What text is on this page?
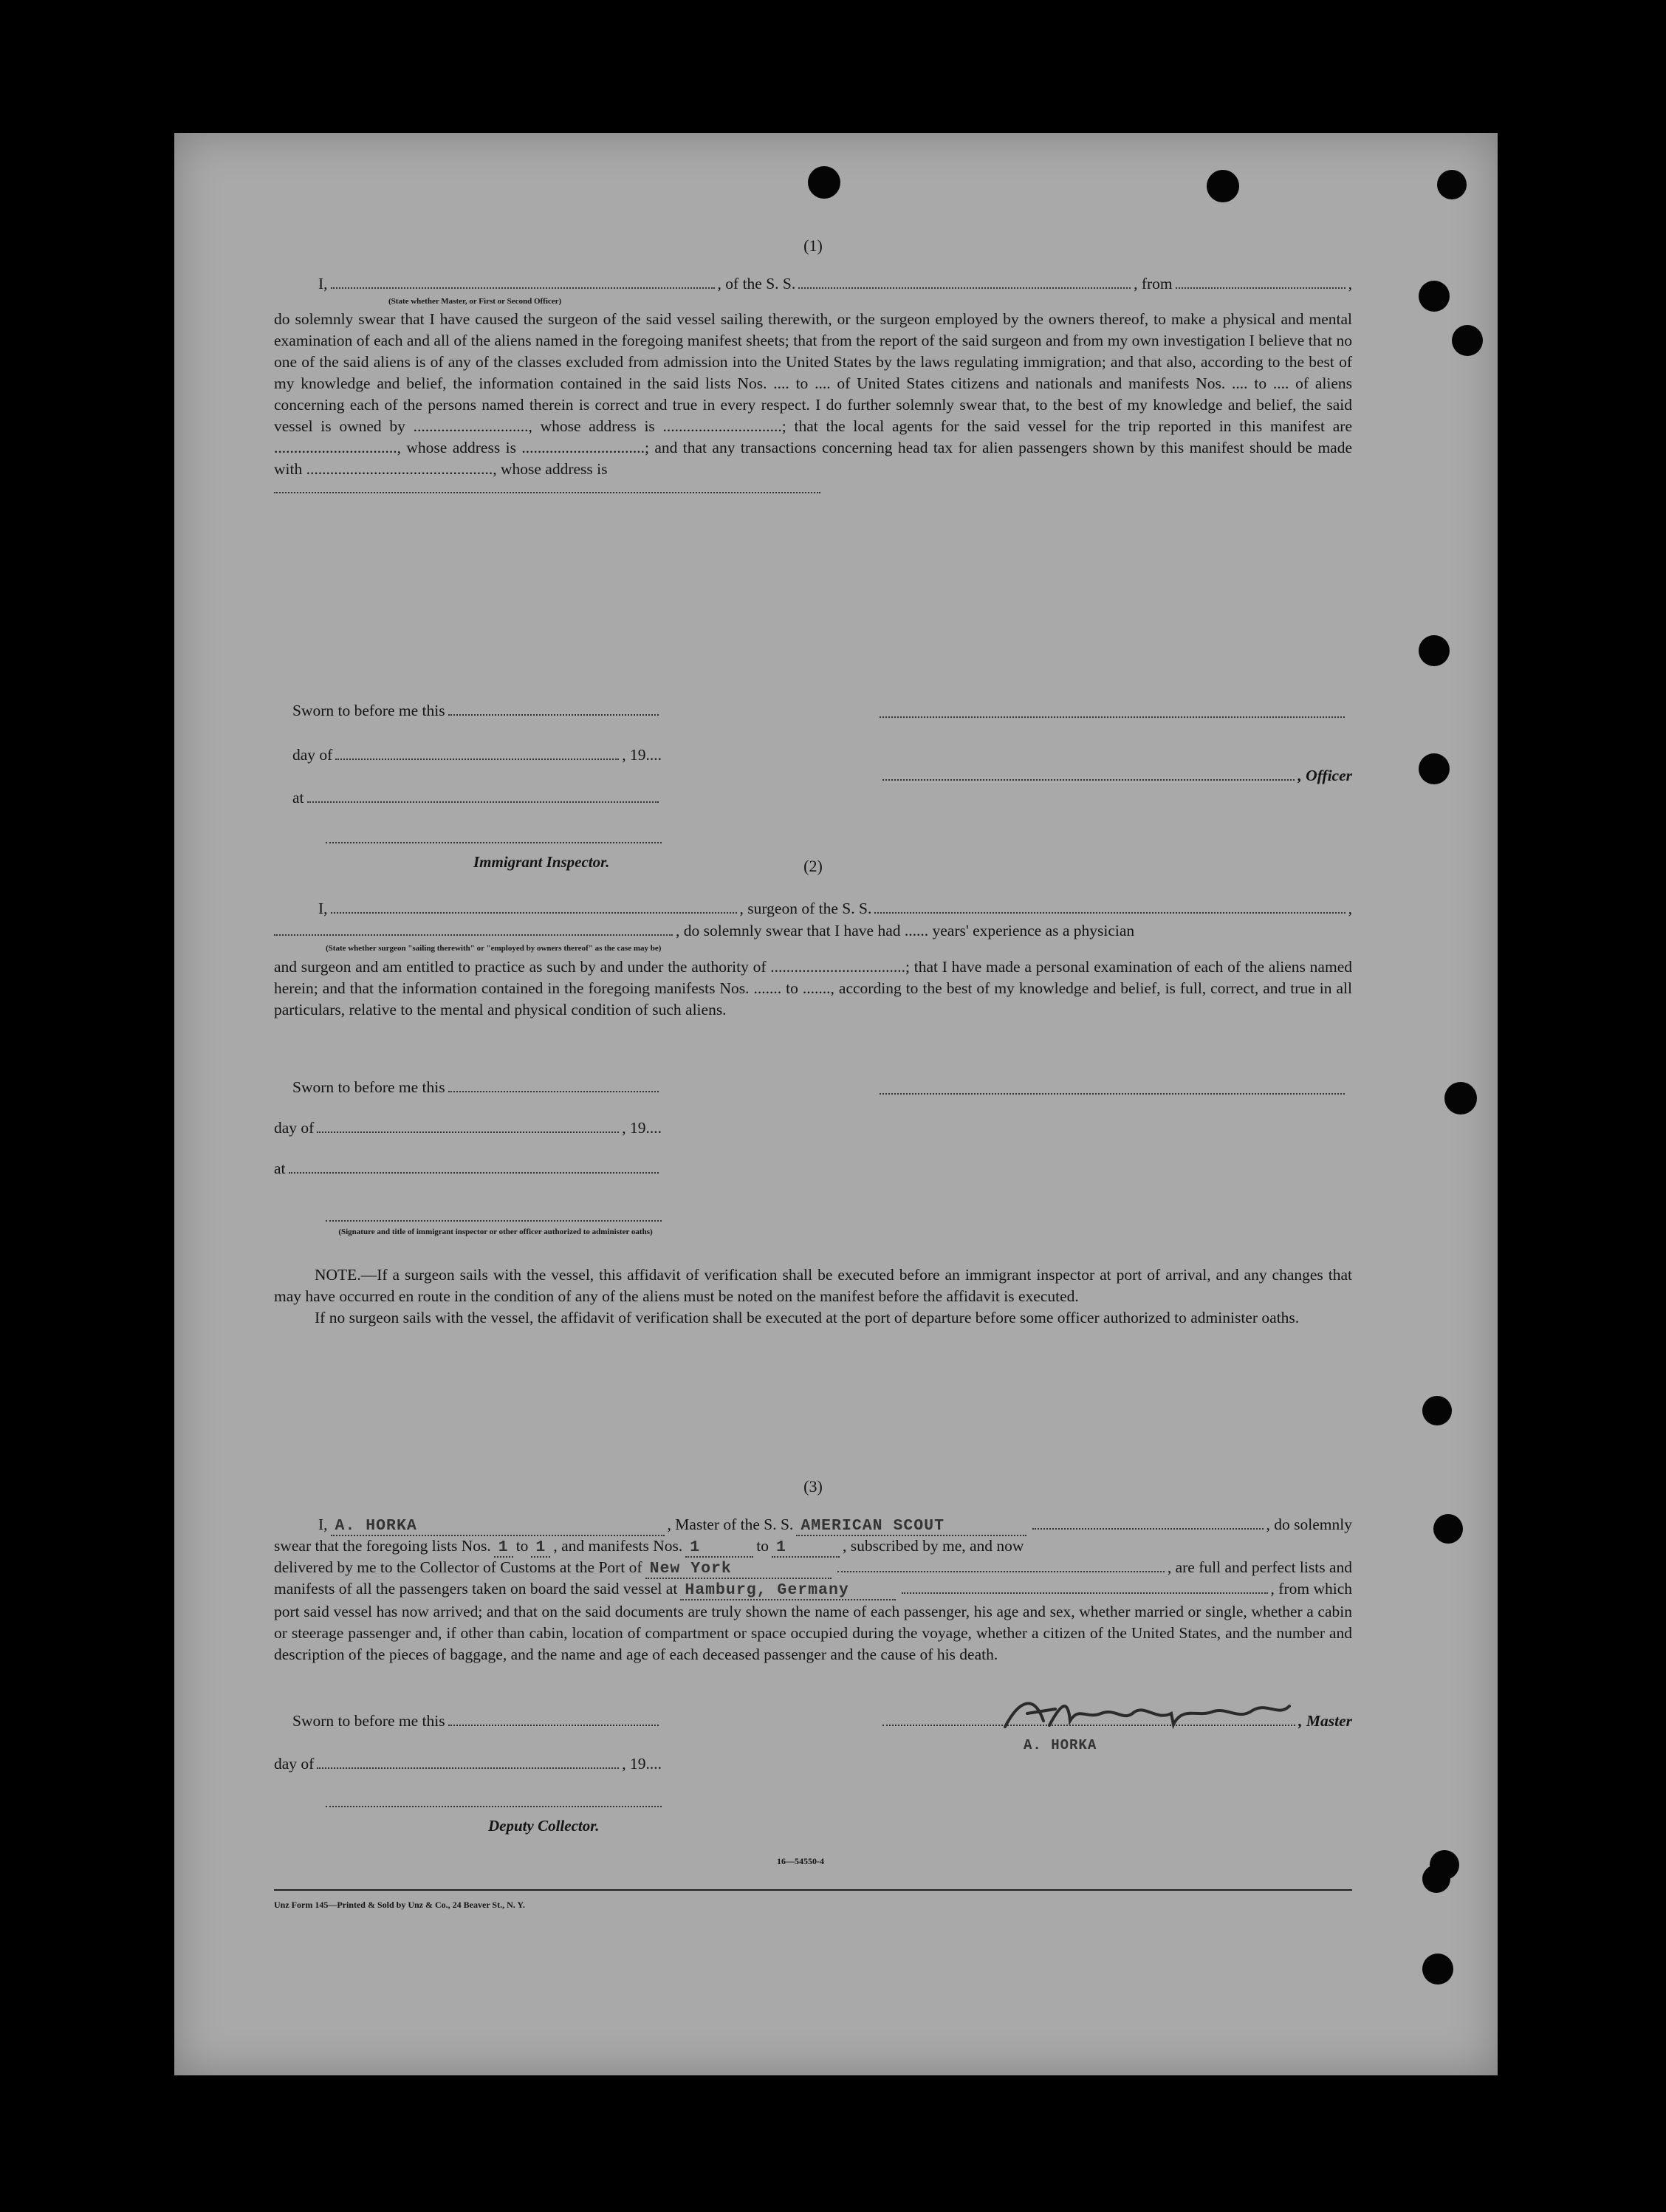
(1)
I,	, of the S. S.	, from	,
(State whether Master, or First or Second Officer)

do solemnly swear that I have caused the surgeon of the said vessel sailing therewith, or the surgeon employed by the owners thereof, to make a physical and mental examination of each and all of the aliens named in the foregoing manifest sheets; that from the report of the said surgeon and from my own investigation I believe that no one of the said aliens is of any of the classes excluded from admission into the United States by the laws regulating immigration; and that also, according to the best of my knowledge and belief, the information contained in the said lists Nos. .... to .... of United States citizens and nationals and manifests Nos. .... to .... of aliens concerning each of the persons named therein is correct and true in every respect. I do further solemnly swear that, to the best of my knowledge and belief, the said vessel is owned by ............................., whose address is ..............................; that the local agents for the said vessel for the trip reported in this manifest are ..............................., whose address is ...............................; and that any transactions concerning head tax for alien passengers shown by this manifest should be made with ..............................................., whose address is

Sworn to before me this
day of	, 19....
, Officer
at
Immigrant Inspector.	(2)
I,	, surgeon of the S. S.	,
, do solemnly swear that I have had ...... years' experience as a physician
(State whether surgeon "sailing therewith" or "employed by owners thereof" as the case may be)

and surgeon and am entitled to practice as such by and under the authority of ..................................; that I have made a personal examination of each of the aliens named herein; and that the information contained in the foregoing manifests Nos. ....... to ......., according to the best of my knowledge and belief, is full, correct, and true in all particulars, relative to the mental and physical condition of such aliens.

Sworn to before me this
day of	, 19....
at
(Signature and title of immigrant inspector or other officer authorized to administer oaths)

NOTE.—If a surgeon sails with the vessel, this affidavit of verification shall be executed before an immigrant inspector at port of arrival, and any changes that may have occurred en route in the condition of any of the aliens must be noted on the manifest before the affidavit is executed.

If no surgeon sails with the vessel, the affidavit of verification shall be executed at the port of departure before some officer authorized to administer oaths.

(3)
I, A. HORKA	, Master of the S. S. AMERICAN SCOUT	, do solemnly
swear that the foregoing lists Nos. 1 to 1 , and manifests Nos. 1	to 1	, subscribed by me, and now
delivered by me to the Collector of Customs at the Port of New York	, are full and perfect lists and
manifests of all the passengers taken on board the said vessel at Hamburg, Germany	, from which

port said vessel has now arrived; and that on the said documents are truly shown the name of each passenger, his age and sex, whether married or single, whether a cabin or steerage passenger and, if other than cabin, location of compartment or space occupied during the voyage, whether a citizen of the United States, and the number and description of the pieces of baggage, and the name and age of each deceased passenger and the cause of his death.

Sworn to before me this	, Master
A. HORKA
day of	, 19....
Deputy Collector.
16—54550-4
Unz Form 145—Printed & Sold by Unz & Co., 24 Beaver St., N. Y.
